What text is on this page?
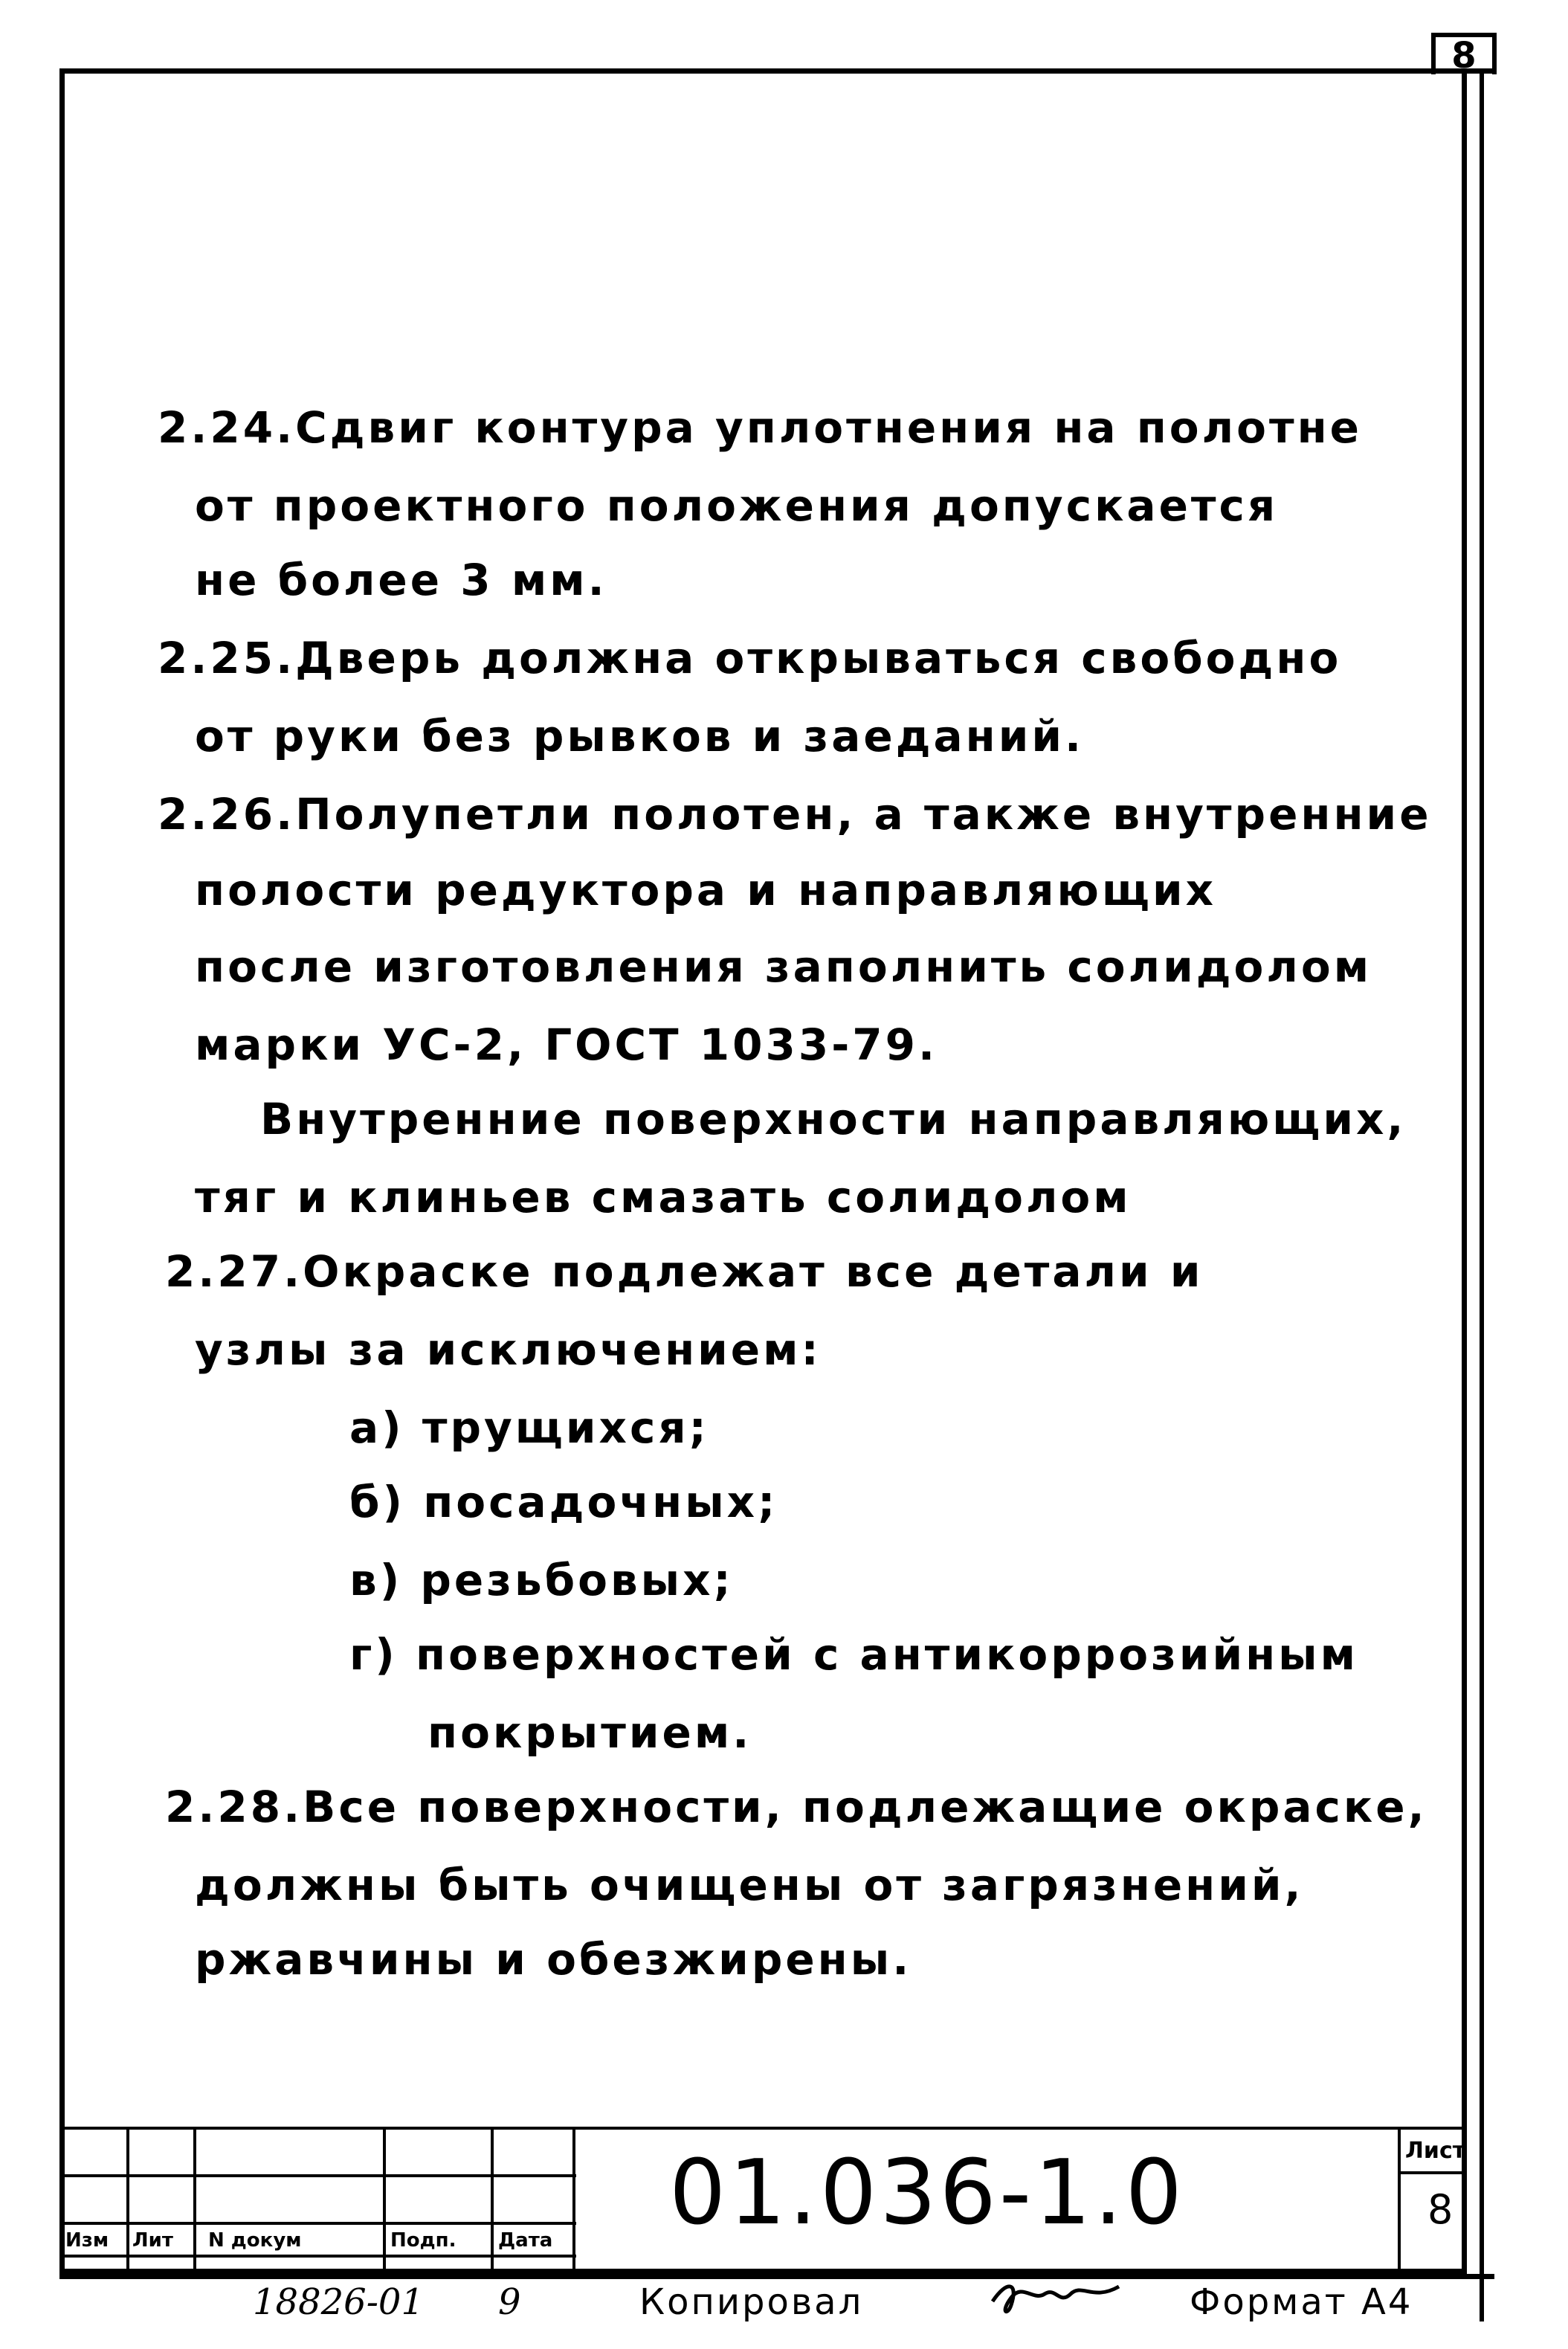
8
2.24.Сдвиг контура уплотнения на полотне
от проектного положения допускается
не более 3 мм.
2.25.Дверь должна открываться свободно
от руки без рывков и заеданий.
2.26.Полупетли полотен, а также внутренние
полости редуктора и направляющих
после изготовления заполнить солидолом
марки УС-2, ГОСТ 1033-79.
Внутренние поверхности направляющих,
тяг и клиньев смазать солидолом
2.27.Окраске подлежат все детали и
узлы за исключением:
а) трущихся;
б) посадочных;
в) резьбовых;
г) поверхностей с антикоррозийным
покрытием.
2.28.Все поверхности, подлежащие окраске,
должны быть очищены от загрязнений,
ржавчины и обезжирены.
Изм Лит N докум	Подп. Дата 01.036-1.0	Лист
8
18826-01 9	Копировал	Формат А4
